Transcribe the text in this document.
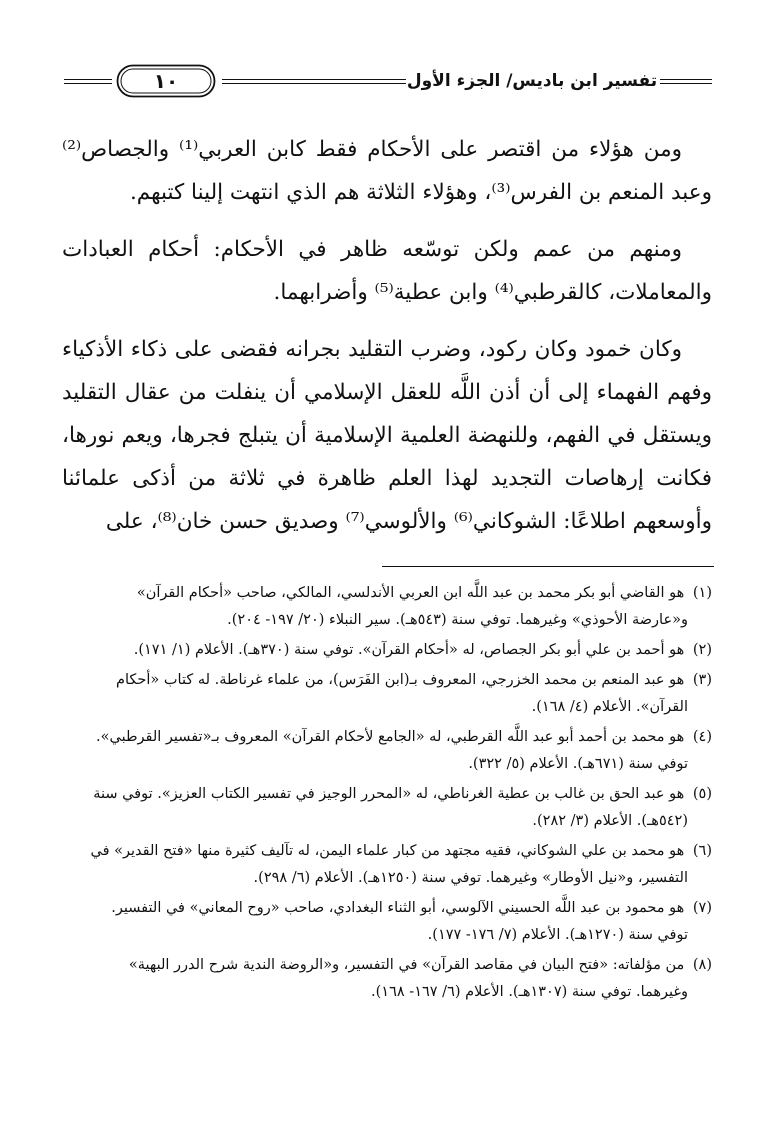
١٠	تفسير ابن باديس/ الجزء الأول

ومن هؤلاء من اقتصر على الأحكام فقط كابن العربي⁽¹⁾ والجصاص⁽²⁾ وعبد المنعم بن الفرس⁽³⁾، وهؤلاء الثلاثة هم الذي انتهت إلينا كتبهم.

ومنهم من عمم ولكن توسّعه ظاهر في الأحكام: أحكام العبادات والمعاملات، كالقرطبي⁽⁴⁾ وابن عطية⁽⁵⁾ وأضرابهما.

وكان خمود وكان ركود، وضرب التقليد بجرانه فقضى على ذكاء الأذكياء وفهم الفهماء إلى أن أذن اللَّه للعقل الإسلامي أن ينفلت من عقال التقليد ويستقل في الفهم، وللنهضة العلمية الإسلامية أن يتبلج فجرها، ويعم نورها، فكانت إرهاصات التجديد لهذا العلم ظاهرة في ثلاثة من أذكى علمائنا وأوسعهم اطلاعًا: الشوكاني⁽⁶⁾ والألوسي⁽⁷⁾ وصديق حسن خان⁽⁸⁾، على

(١) هو القاضي أبو بكر محمد بن عبد اللَّه ابن العربي الأندلسي، المالكي، صاحب «أحكام القرآن»
و«عارضة الأحوذي» وغيرهما. توفي سنة (٥٤٣هـ). سير النبلاء (٢٠/ ١٩٧- ٢٠٤).
(٢) هو أحمد بن علي أبو بكر الجصاص، له «أحكام القرآن». توفي سنة (٣٧٠هـ). الأعلام (١/ ١٧١).
(٣) هو عبد المنعم بن محمد الخزرجي، المعروف بـ(ابن الفَرَس)، من علماء غرناطة. له كتاب «أحكام
القرآن». الأعلام (٤/ ١٦٨).
(٤) هو محمد بن أحمد أبو عبد اللَّه القرطبي، له «الجامع لأحكام القرآن» المعروف بـ«تفسير القرطبي».
توفي سنة (٦٧١هـ). الأعلام (٥/ ٣٢٢).
(٥) هو عبد الحق بن غالب بن عطية الغرناطي، له «المحرر الوجيز في تفسير الكتاب العزيز». توفي سنة
(٥٤٢هـ). الأعلام (٣/ ٢٨٢).
(٦) هو محمد بن علي الشوكاني، فقيه مجتهد من كبار علماء اليمن، له تآليف كثيرة منها «فتح القدير» في
التفسير، و«نيل الأوطار» وغيرهما. توفي سنة (١٢٥٠هـ). الأعلام (٦/ ٢٩٨).
(٧) هو محمود بن عبد اللَّه الحسيني الآلوسي، أبو الثناء البغدادي، صاحب «روح المعاني» في التفسير.
توفي سنة (١٢٧٠هـ). الأعلام (٧/ ١٧٦- ١٧٧).
(٨) من مؤلفاته: «فتح البيان في مقاصد القرآن» في التفسير، و«الروضة الندية شرح الدرر البهية»
وغيرهما. توفي سنة (١٣٠٧هـ). الأعلام (٦/ ١٦٧- ١٦٨).
